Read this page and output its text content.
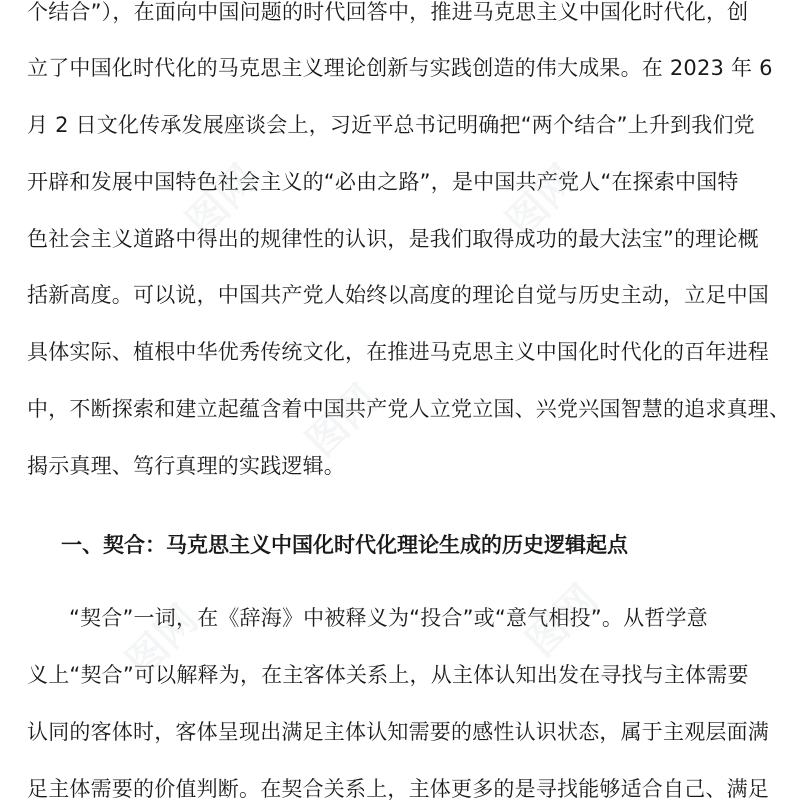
个结合”），在面向中国问题的时代回答中，推进马克思主义中国化时代化，创
立了中国化时代化的马克思主义理论创新与实践创造的伟大成果。在 2023 年 6
月 2 日文化传承发展座谈会上，习近平总书记明确把“两个结合”上升到我们党
开辟和发展中国特色社会主义的“必由之路”，是中国共产党人“在探索中国特
色社会主义道路中得出的规律性的认识，是我们取得成功的最大法宝”的理论概
括新高度。可以说，中国共产党人始终以高度的理论自觉与历史主动，立足中国
具体实际、植根中华优秀传统文化，在推进马克思主义中国化时代化的百年进程
中，不断探索和建立起蕴含着中国共产党人立党立国、兴党兴国智慧的追求真理、
揭示真理、笃行真理的实践逻辑。
一、契合：马克思主义中国化时代化理论生成的历史逻辑起点
“契合”一词，在《辞海》中被释义为“投合”或“意气相投”。从哲学意
义上“契合”可以解释为，在主客体关系上，从主体认知出发在寻找与主体需要
认同的客体时，客体呈现出满足主体认知需要的感性认识状态，属于主观层面满
足主体需要的价值判断。在契合关系上，主体更多的是寻找能够适合自己、满足
图网	图网
图网
图网	图网
